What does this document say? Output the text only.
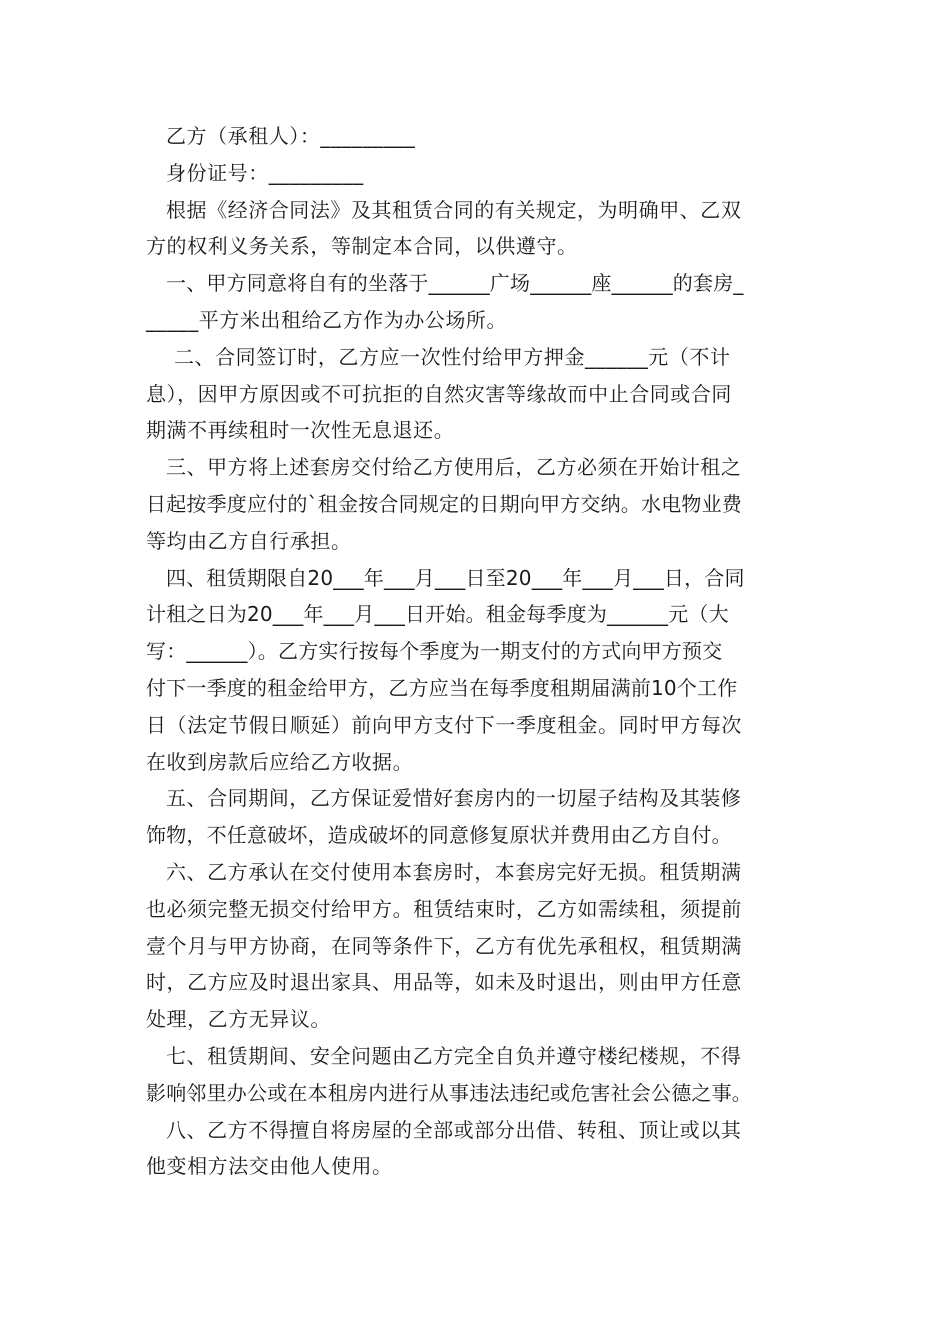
乙方（承租人）：_________

身份证号：_________

根据《经济合同法》及其租赁合同的有关规定，为明确甲、乙双

方的权利义务关系，等制定本合同，以供遵守。

一、甲方同意将自有的坐落于______广场______座______的套房_

_____平方米出租给乙方作为办公场所。

二、合同签订时，乙方应一次性付给甲方押金______元（不计

息），因甲方原因或不可抗拒的自然灾害等缘故而中止合同或合同

期满不再续租时一次性无息退还。

三、甲方将上述套房交付给乙方使用后，乙方必须在开始计租之

日起按季度应付的`租金按合同规定的日期向甲方交纳。水电物业费

等均由乙方自行承担。

四、租赁期限自20___年___月___日至20___年___月___日，合同

计租之日为20___年___月___日开始。租金每季度为______元（大

写：______）。乙方实行按每个季度为一期支付的方式向甲方预交

付下一季度的租金给甲方，乙方应当在每季度租期届满前10个工作

日（法定节假日顺延）前向甲方支付下一季度租金。同时甲方每次

在收到房款后应给乙方收据。

五、合同期间，乙方保证爱惜好套房内的一切屋子结构及其装修

饰物，不任意破坏，造成破坏的同意修复原状并费用由乙方自付。

六、乙方承认在交付使用本套房时，本套房完好无损。租赁期满

也必须完整无损交付给甲方。租赁结束时，乙方如需续租，须提前

壹个月与甲方协商，在同等条件下，乙方有优先承租权，租赁期满

时，乙方应及时退出家具、用品等，如未及时退出，则由甲方任意

处理，乙方无异议。

七、租赁期间、安全问题由乙方完全自负并遵守楼纪楼规，不得

影响邻里办公或在本租房内进行从事违法违纪或危害社会公德之事。

八、乙方不得擅自将房屋的全部或部分出借、转租、顶让或以其

他变相方法交由他人使用。
